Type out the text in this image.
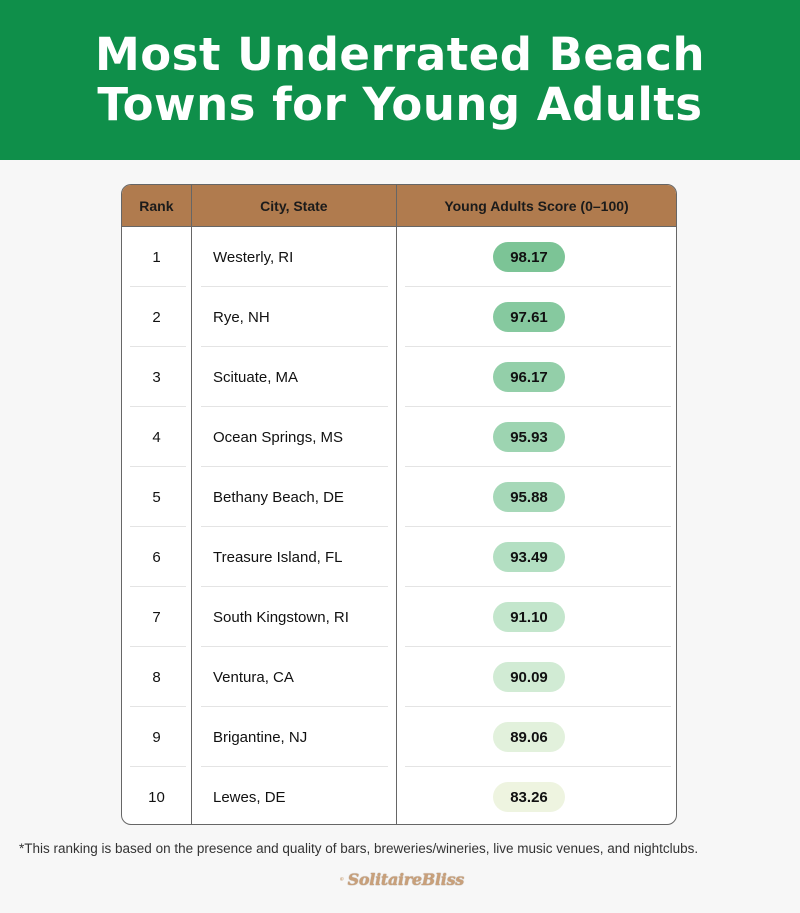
Most Underrated Beach
Towns for Young Adults
Rank	City, State	Young Adults Score (0–100)
1	Westerly, RI	98.17
2	Rye, NH	97.61
3	Scituate, MA	96.17
4	Ocean Springs, MS	95.93
5	Bethany Beach, DE	95.88
6	Treasure Island, FL	93.49
7	South Kingstown, RI	91.10
8	Ventura, CA	90.09
9	Brigantine, NJ	89.06
10	Lewes, DE	83.26
*This ranking is based on the presence and quality of bars, breweries/wineries, live music venues, and nightclubs.
SolitaireBliss
